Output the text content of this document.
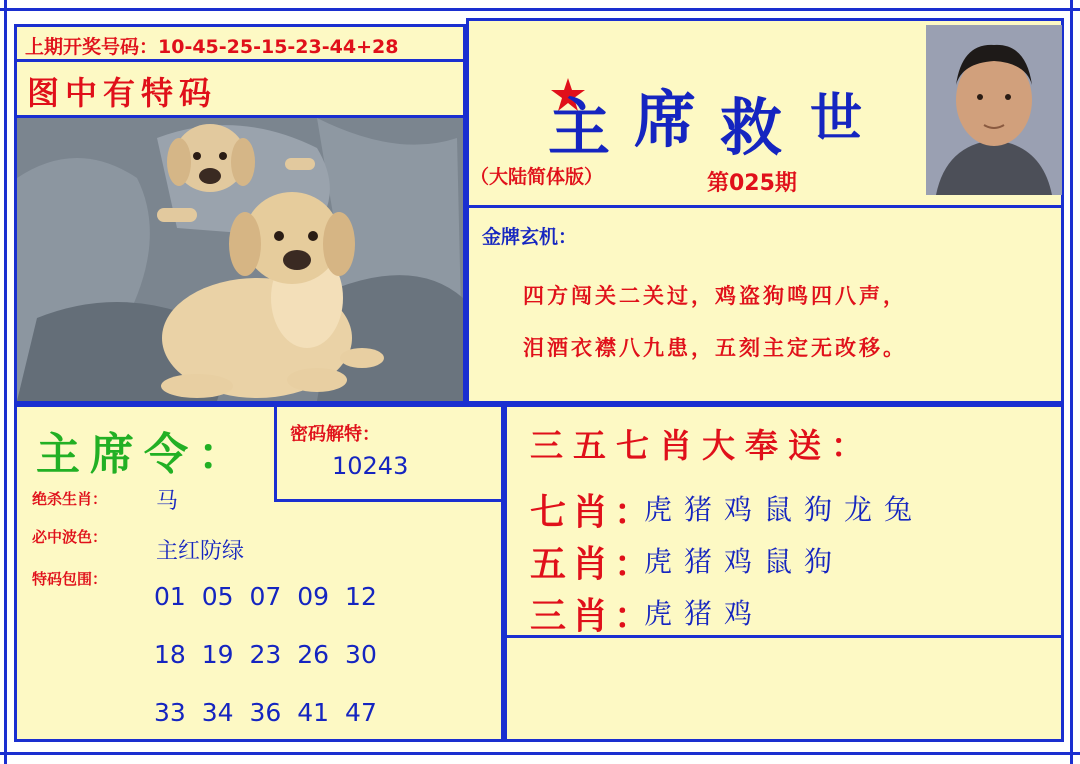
上期开奖号码：10-45-25-15-23-44+28
图中有特码	主 席 救 世
（大陆简体版）	第025期
金牌玄机：
四方闯关二关过，鸡盗狗鸣四八声，
泪酒衣襟八九患，五刻主定无改移。
主席令： 密码解特：
10243
绝杀生肖： 马
必中波色：
主红防绿
特码包围：
01 05 07 09 12
18 19 23 26 30
33 34 36 41 47
三五七肖大奉送：
七肖：
虎猪鸡鼠狗龙兔
五肖：
虎猪鸡鼠狗
三肖：
虎猪鸡
